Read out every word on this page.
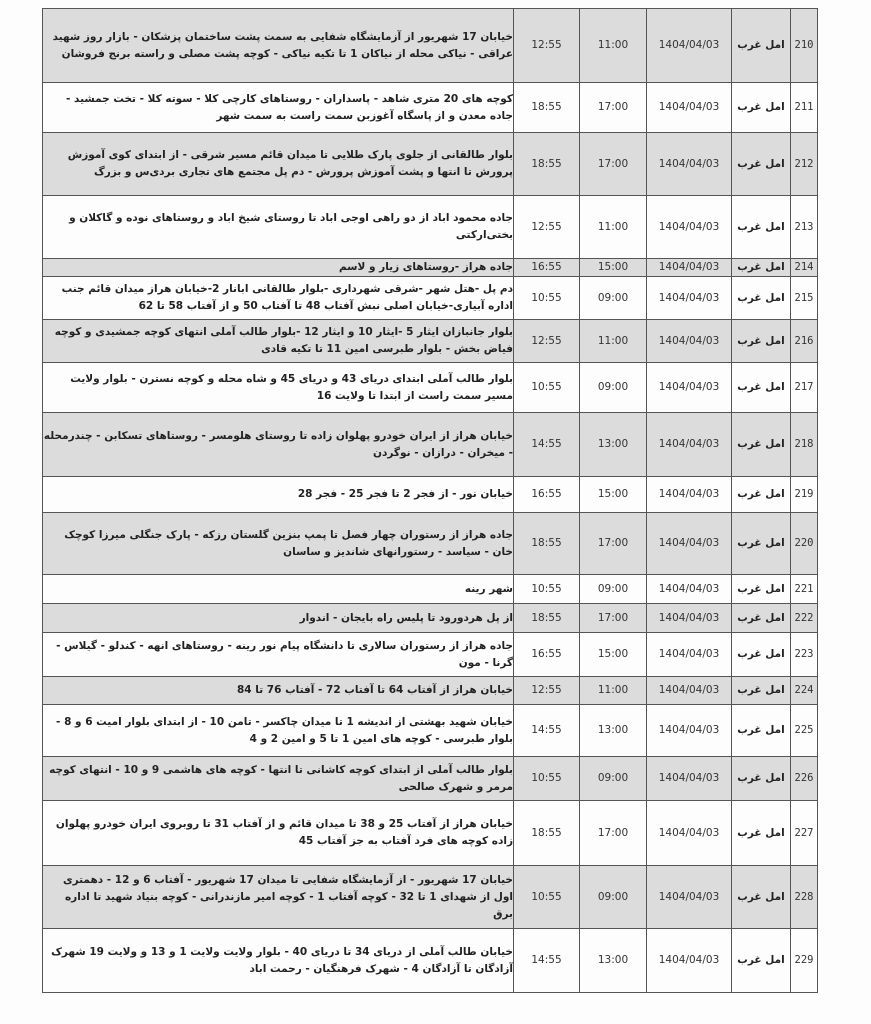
210	امل غرب	1404/04/03	11:00	12:55	خیابان 17 شهریور از آزمایشگاه شفایی به سمت پشت ساختمان پزشکان - بازار روز شهید عراقی - نیاکی محله از نیاکان 1 تا تکیه نیاکی - کوچه پشت مصلی و راسته برنج فروشان
211	امل غرب	1404/04/03	17:00	18:55	کوچه های 20 متری شاهد - پاسداران - روستاهای کارچی کلا - سوته کلا - تخت جمشید - جاده معدن و از پاسگاه آغوزبن سمت راست به سمت شهر
212	امل غرب	1404/04/03	17:00	18:55	بلوار طالقانی از جلوی پارک طلایی تا میدان قائم مسیر شرقی - از ابتدای کوی آموزش پرورش تا انتها و پشت آموزش پرورش - دم پل مجتمع های تجاری بردی‌س و بزرگ
213	امل غرب	1404/04/03	11:00	12:55	جاده محمود اباد از دو راهی اوجی اباد تا روستای شیخ اباد و روستاهای نوده و گاکلان و بختی‌ارکتی
214	امل غرب	1404/04/03	15:00	16:55	جاده هراز -روستاهای زیار و لاسم
215	امل غرب	1404/04/03	09:00	10:55	دم پل -هتل شهر -شرقی شهرداری -بلوار طالقانی ابانار 2-خیابان هراز میدان قائم جنب اداره آبیاری-خیابان اصلی نبش آفتاب 48 تا آفتاب 50 و از آفتاب 58 تا 62
216	امل غرب	1404/04/03	11:00	12:55	بلوار جانبازان ایثار 5 -ایثار 10 و ایثار 12 -بلوار طالب آملی انتهای کوچه جمشیدی و کوچه فیاض بخش - بلوار طبرسی امین 11 تا تکیه قادی
217	امل غرب	1404/04/03	09:00	10:55	بلوار طالب آملی ابتدای دریای 43 و دریای 45 و شاه محله و کوچه نسترن - بلوار ولایت مسیر سمت راست از ابتدا تا ولایت 16
218	امل غرب	1404/04/03	13:00	14:55	خیابان هراز از ایران خودرو پهلوان زاده تا روستای هلومسر - روستاهای تسکابن - چندرمحله - میخران - درازان - نوگردن
219	امل غرب	1404/04/03	15:00	16:55	خیابان نور - از فجر 2 تا فجر 25 - فجر 28
220	امل غرب	1404/04/03	17:00	18:55	جاده هراز از رستوران چهار فصل تا پمپ بنزین گلستان رزکه - پارک جنگلی میرزا کوچک خان - سیاسد - رستورانهای شاندیز و ساسان
221	امل غرب	1404/04/03	09:00	10:55	شهر رینه
222	امل غرب	1404/04/03	17:00	18:55	از پل هردورود تا پلیس راه بایجان - اندوار
223	امل غرب	1404/04/03	15:00	16:55	جاده هراز از رستوران سالاری تا دانشگاه پیام نور رینه - روستاهای انهه - کندلو - گیلاس - گرنا - مون
224	امل غرب	1404/04/03	11:00	12:55	خیابان هراز از آفتاب 64 تا آفتاب 72 - آفتاب 76 تا 84
225	امل غرب	1404/04/03	13:00	14:55	خیابان شهید بهشتی از اندیشه 1 تا میدان چاکسر - تامن 10 - از ابتدای بلوار امیت 6 و 8 - بلوار طبرسی - کوچه های امین 1 تا 5 و امین 2 و 4
226	امل غرب	1404/04/03	09:00	10:55	بلوار طالب آملی از ابتدای کوچه کاشانی تا انتها - کوچه های هاشمی 9 و 10 - انتهای کوچه مرمر و شهرک صالحی
227	امل غرب	1404/04/03	17:00	18:55	خیابان هراز از آفتاب 25 و 38 تا میدان قائم و از آفتاب 31 تا روبروی ایران خودرو پهلوان زاده کوچه های فرد آفتاب به جز آفتاب 45
228	امل غرب	1404/04/03	09:00	10:55	خیابان 17 شهریور - از آزمایشگاه شفایی تا میدان 17 شهریور - آفتاب 6 و 12 - دهمتری اول از شهدای 1 تا 32 - کوچه آفتاب 1 - کوچه امیر مازندرانی - کوچه بنیاد شهید تا اداره برق
229	امل غرب	1404/04/03	13:00	14:55	خیابان طالب آملی از دریای 34 تا دریای 40 - بلوار ولایت ولایت 1 و 13 و ولایت 19 شهرک آزادگان تا آزادگان 4 - شهرک فرهنگیان - رحمت اباد
